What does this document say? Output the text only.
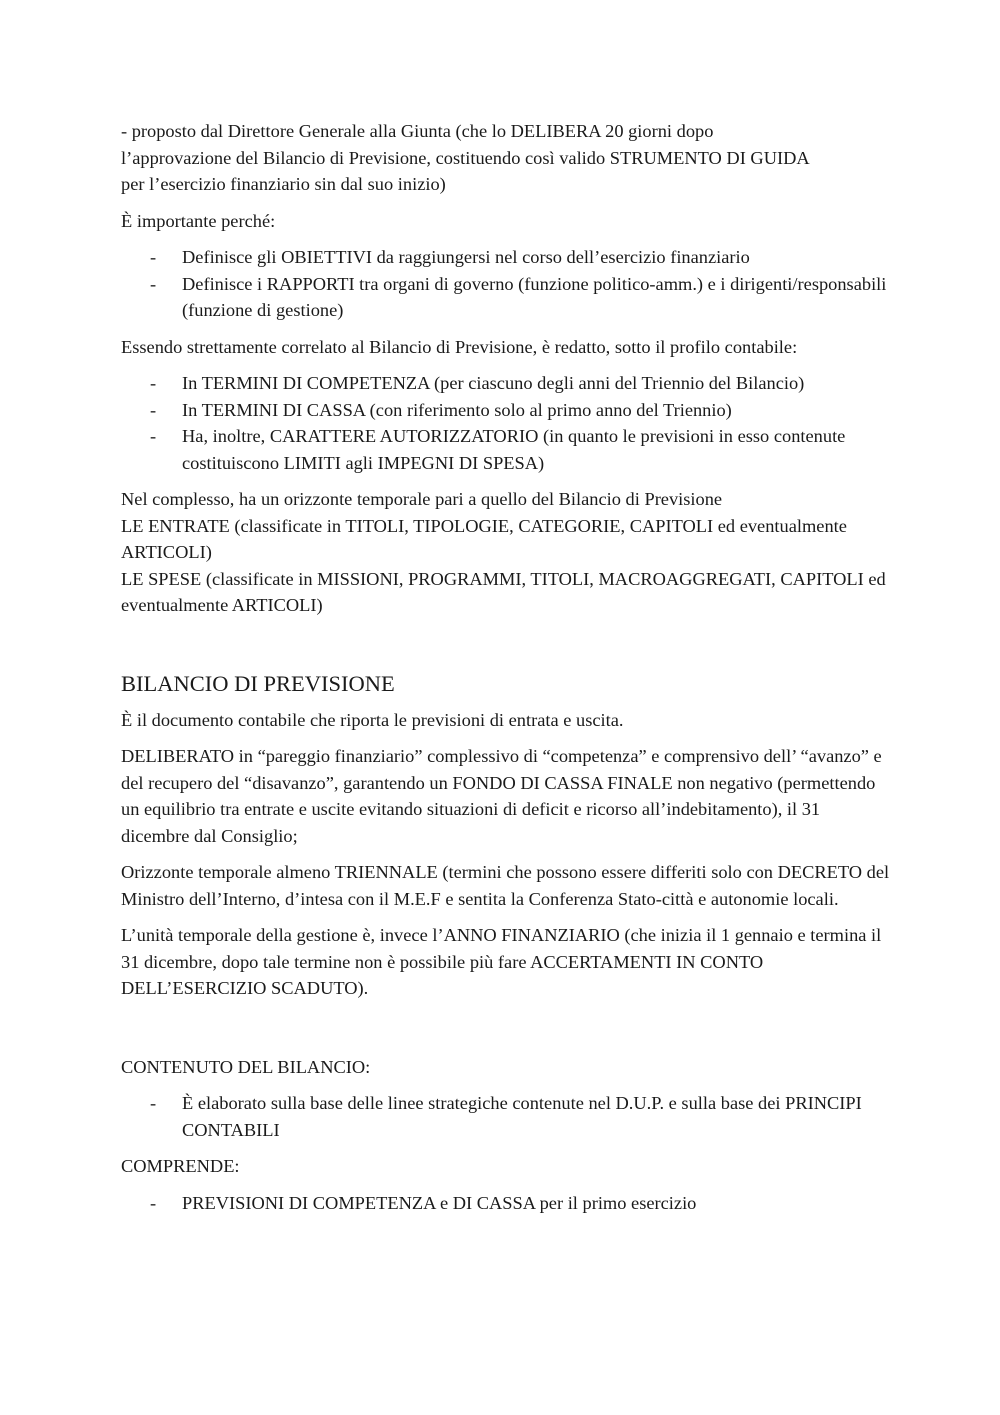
- proposto dal Direttore Generale alla Giunta (che lo DELIBERA 20 giorni dopo
l’approvazione del Bilancio di Previsione, costituendo così valido STRUMENTO DI GUIDA
per l’esercizio finanziario sin dal suo inizio)

È importante perché:

- Definisce gli OBIETTIVI da raggiungersi nel corso dell’esercizio finanziario
- Definisce i RAPPORTI tra organi di governo (funzione politico-amm.) e i dirigenti/responsabili (funzione di gestione)

Essendo strettamente correlato al Bilancio di Previsione, è redatto, sotto il profilo contabile:

- In TERMINI DI COMPETENZA (per ciascuno degli anni del Triennio del Bilancio)
- In TERMINI DI CASSA (con riferimento solo al primo anno del Triennio)
- Ha, inoltre, CARATTERE AUTORIZZATORIO (in quanto le previsioni in esso contenute costituiscono LIMITI agli IMPEGNI DI SPESA)

Nel complesso, ha un orizzonte temporale pari a quello del Bilancio di Previsione
LE ENTRATE (classificate in TITOLI, TIPOLOGIE, CATEGORIE, CAPITOLI ed eventualmente ARTICOLI)
LE SPESE (classificate in MISSIONI, PROGRAMMI, TITOLI, MACROAGGREGATI, CAPITOLI ed eventualmente ARTICOLI)

BILANCIO DI PREVISIONE

È il documento contabile che riporta le previsioni di entrata e uscita.

DELIBERATO in “pareggio finanziario” complessivo di “competenza” e comprensivo dell’ “avanzo” e del recupero del “disavanzo”, garantendo un FONDO DI CASSA FINALE non negativo (permettendo un equilibrio tra entrate e uscite evitando situazioni di deficit e ricorso all’indebitamento), il 31 dicembre dal Consiglio;

Orizzonte temporale almeno TRIENNALE (termini che possono essere differiti solo con DECRETO del Ministro dell’Interno, d’intesa con il M.E.F e sentita la Conferenza Stato-città e autonomie locali.

L’unità temporale della gestione è, invece l’ANNO FINANZIARIO (che inizia il 1 gennaio e termina il 31 dicembre, dopo tale termine non è possibile più fare ACCERTAMENTI IN CONTO DELL’ESERCIZIO SCADUTO).

CONTENUTO DEL BILANCIO:

- È elaborato sulla base delle linee strategiche contenute nel D.U.P. e sulla base dei PRINCIPI CONTABILI

COMPRENDE:

- PREVISIONI DI COMPETENZA e DI CASSA per il primo esercizio
